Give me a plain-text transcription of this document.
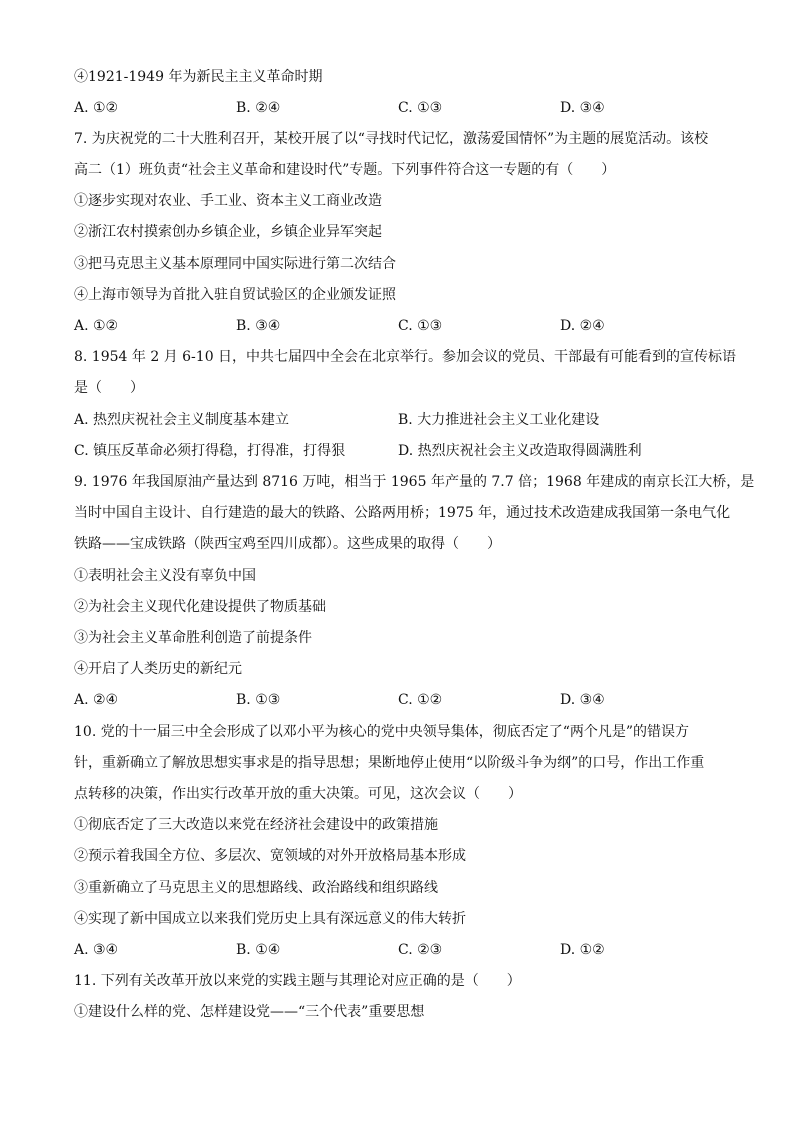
④1921-1949 年为新民主主义革命时期
A. ①②	B. ②④	C. ①③	D. ③④
7. 为庆祝党的二十大胜利召开，某校开展了以“寻找时代记忆，激荡爱国情怀”为主题的展览活动。该校
高二（1）班负责“社会主义革命和建设时代”专题。下列事件符合这一专题的有（　　）
①逐步实现对农业、手工业、资本主义工商业改造
②浙江农村摸索创办乡镇企业，乡镇企业异军突起
③把马克思主义基本原理同中国实际进行第二次结合
④上海市领导为首批入驻自贸试验区的企业颁发证照
A. ①②	B. ③④	C. ①③	D. ②④
8. 1954 年 2 月 6-10 日，中共七届四中全会在北京举行。参加会议的党员、干部最有可能看到的宣传标语
是（　　）
A. 热烈庆祝社会主义制度基本建立	B. 大力推进社会主义工业化建设
C. 镇压反革命必须打得稳，打得准，打得狠	D. 热烈庆祝社会主义改造取得圆满胜利
9. 1976 年我国原油产量达到 8716 万吨，相当于 1965 年产量的 7.7 倍；1968 年建成的南京长江大桥，是
当时中国自主设计、自行建造的最大的铁路、公路两用桥；1975 年，通过技术改造建成我国第一条电气化
铁路——宝成铁路（陕西宝鸡至四川成都）。这些成果的取得（　　）
①表明社会主义没有辜负中国
②为社会主义现代化建设提供了物质基础
③为社会主义革命胜利创造了前提条件
④开启了人类历史的新纪元
A. ②④	B. ①③	C. ①②	D. ③④
10. 党的十一届三中全会形成了以邓小平为核心的党中央领导集体，彻底否定了“两个凡是”的错误方
针，重新确立了解放思想实事求是的指导思想；果断地停止使用“以阶级斗争为纲”的口号，作出工作重
点转移的决策，作出实行改革开放的重大决策。可见，这次会议（　　）
①彻底否定了三大改造以来党在经济社会建设中的政策措施
②预示着我国全方位、多层次、宽领域的对外开放格局基本形成
③重新确立了马克思主义的思想路线、政治路线和组织路线
④实现了新中国成立以来我们党历史上具有深远意义的伟大转折
A. ③④	B. ①④	C. ②③	D. ①②
11. 下列有关改革开放以来党的实践主题与其理论对应正确的是（　　）
①建设什么样的党、怎样建设党——“三个代表”重要思想
